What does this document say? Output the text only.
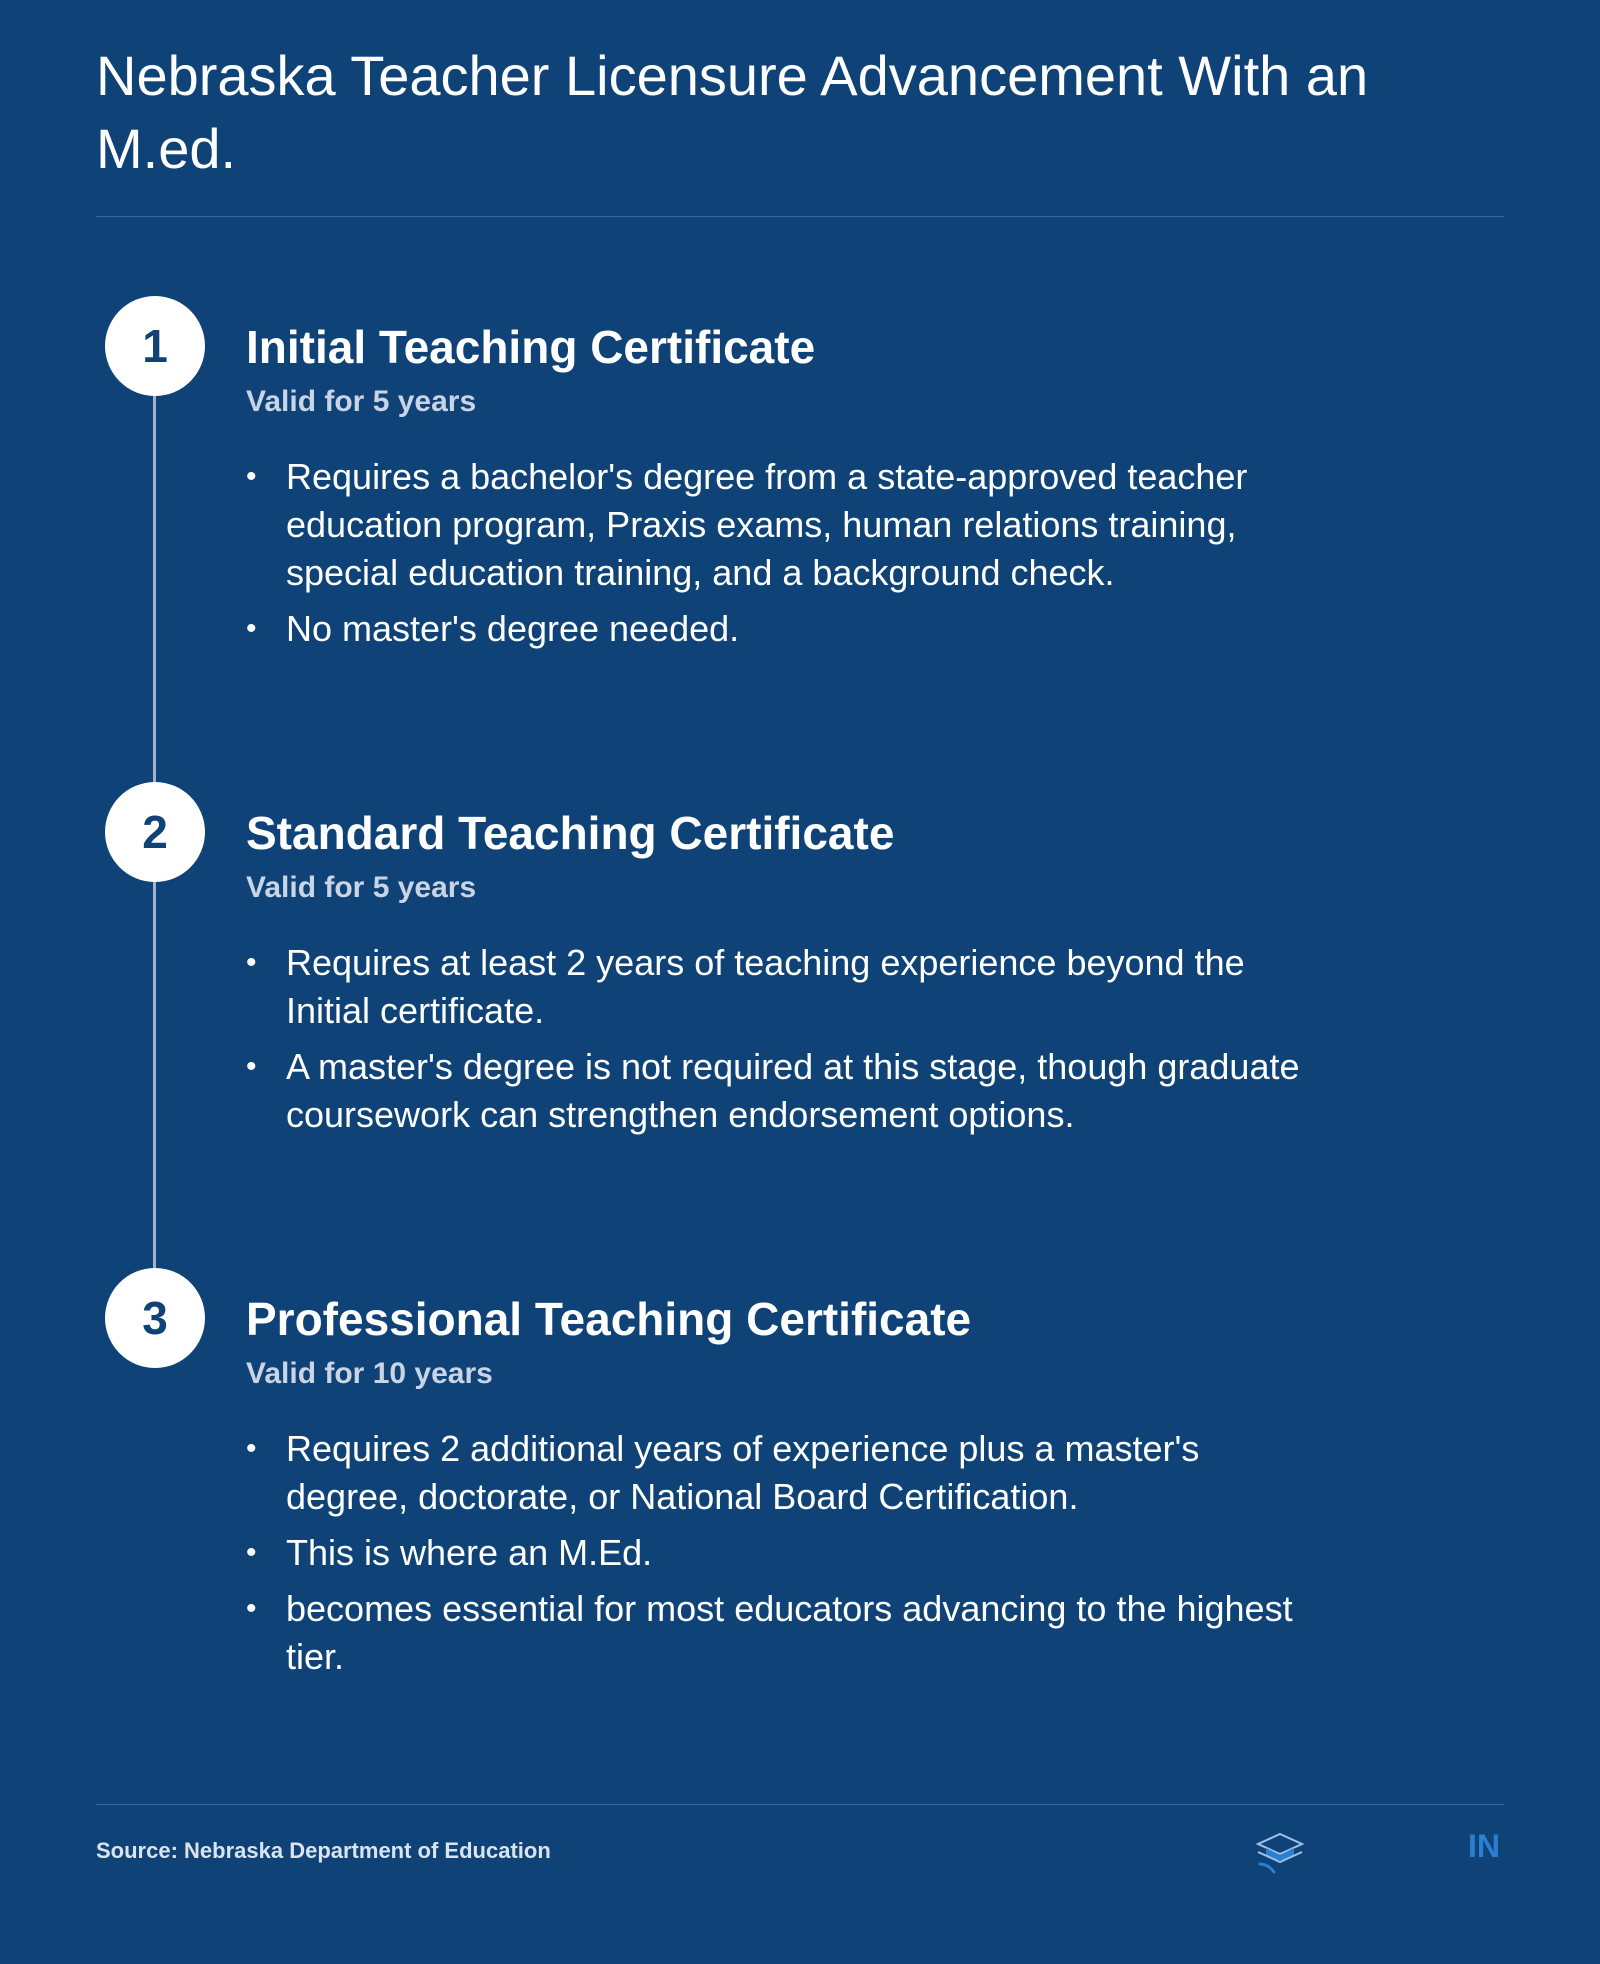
Nebraska Teacher Licensure Advancement With an M.ed.
1	Initial Teaching Certificate

Valid for 5 years

• Requires a bachelor's degree from a state-approved teacher education program, Praxis exams, human relations training, special education training, and a background check.
• No master's degree needed.
2	Standard Teaching Certificate

Valid for 5 years

• Requires at least 2 years of teaching experience beyond the Initial certificate.
• A master's degree is not required at this stage, though graduate coursework can strengthen endorsement options.
3	Professional Teaching Certificate

Valid for 10 years

• Requires 2 additional years of experience plus a master's degree, doctorate, or National Board Certification.
• This is where an M.Ed.
• becomes essential for most educators advancing to the highest tier.
Source: Nebraska Department of Education	IN
